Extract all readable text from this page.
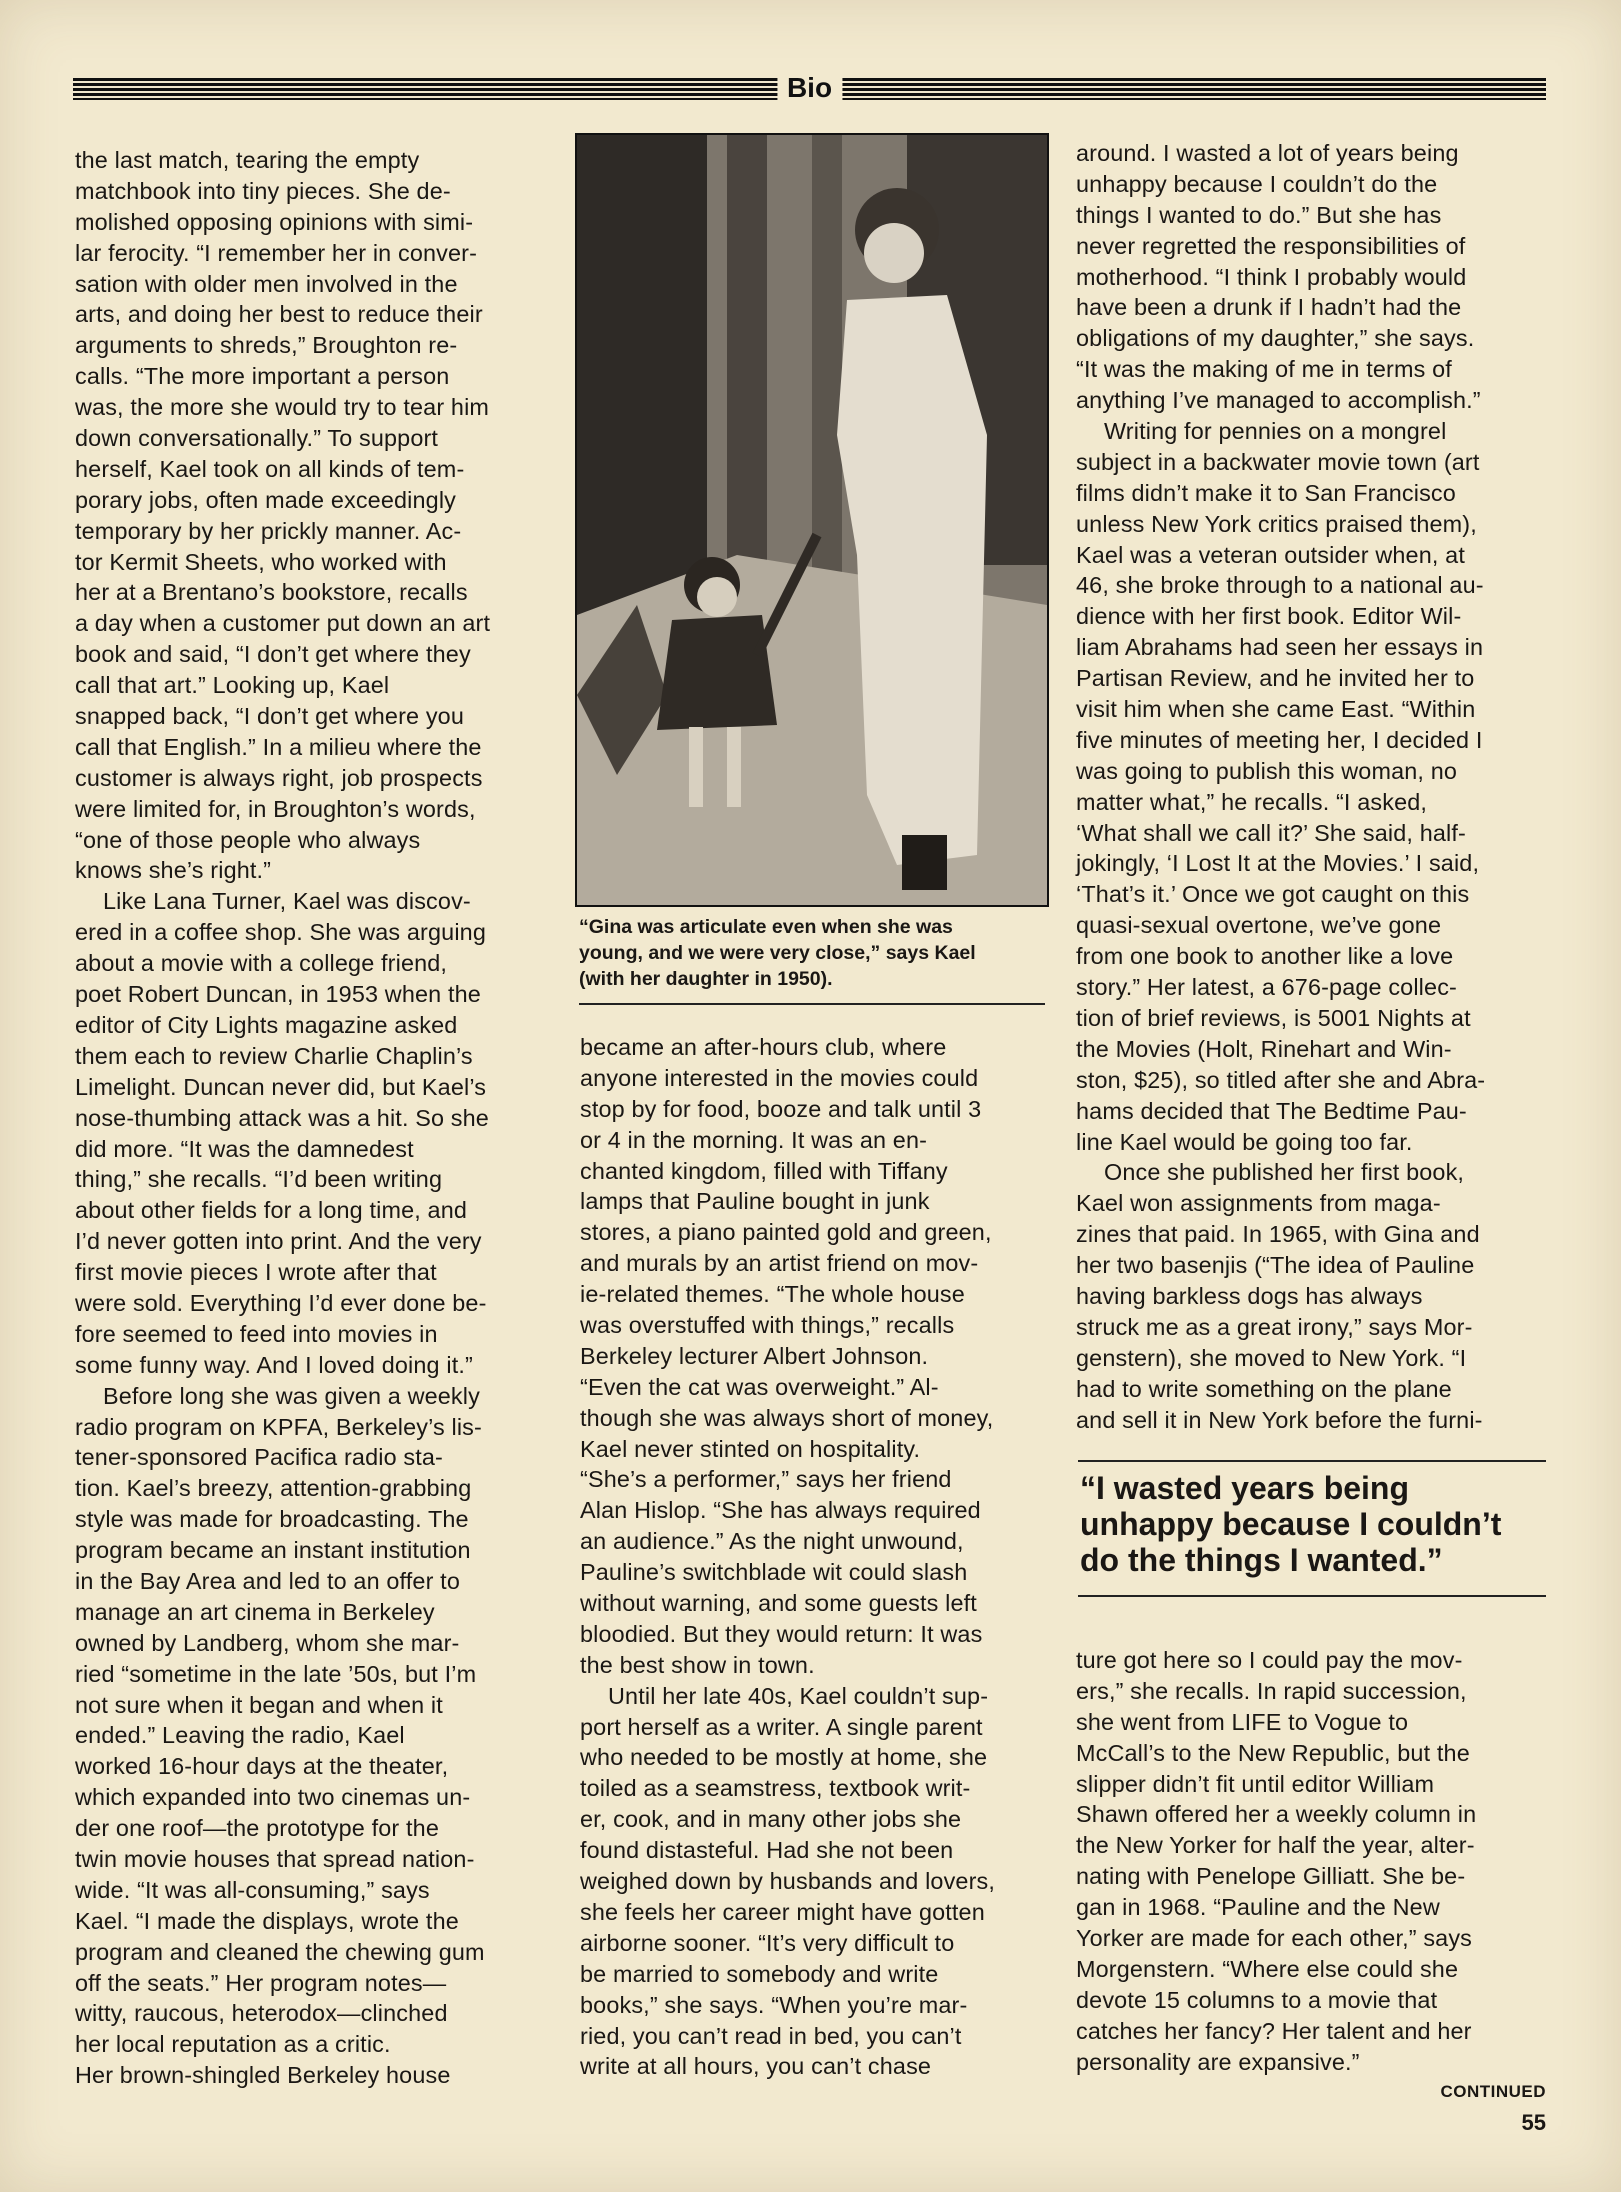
Bio
the last match, tearing the empty
matchbook into tiny pieces. She de-
molished opposing opinions with simi-
lar ferocity. “I remember her in conver-
sation with older men involved in the
arts, and doing her best to reduce their
arguments to shreds,” Broughton re-
calls. “The more important a person
was, the more she would try to tear him
down conversationally.” To support
herself, Kael took on all kinds of tem-
porary jobs, often made exceedingly
temporary by her prickly manner. Ac-
tor Kermit Sheets, who worked with
her at a Brentano’s bookstore, recalls
a day when a customer put down an art
book and said, “I don’t get where they
call that art.” Looking up, Kael
snapped back, “I don’t get where you
call that English.” In a milieu where the
customer is always right, job prospects
were limited for, in Broughton’s words,
“one of those people who always
knows she’s right.”
Like Lana Turner, Kael was discov-
ered in a coffee shop. She was arguing
about a movie with a college friend,
poet Robert Duncan, in 1953 when the
editor of City Lights magazine asked
them each to review Charlie Chaplin’s
Limelight. Duncan never did, but Kael’s
nose-thumbing attack was a hit. So she
did more. “It was the damnedest
thing,” she recalls. “I’d been writing
about other fields for a long time, and
I’d never gotten into print. And the very
first movie pieces I wrote after that
were sold. Everything I’d ever done be-
fore seemed to feed into movies in
some funny way. And I loved doing it.”
Before long she was given a weekly
radio program on KPFA, Berkeley’s lis-
tener-sponsored Pacifica radio sta-
tion. Kael’s breezy, attention-grabbing
style was made for broadcasting. The
program became an instant institution
in the Bay Area and led to an offer to
manage an art cinema in Berkeley
owned by Landberg, whom she mar-
ried “sometime in the late ’50s, but I’m
not sure when it began and when it
ended.” Leaving the radio, Kael
worked 16-hour days at the theater,
which expanded into two cinemas un-
der one roof—the prototype for the
twin movie houses that spread nation-
wide. “It was all-consuming,” says
Kael. “I made the displays, wrote the
program and cleaned the chewing gum
off the seats.” Her program notes—
witty, raucous, heterodox—clinched
her local reputation as a critic.
Her brown-shingled Berkeley house
“Gina was articulate even when she was
young, and we were very close,” says Kael
(with her daughter in 1950).
became an after-hours club, where
anyone interested in the movies could
stop by for food, booze and talk until 3
or 4 in the morning. It was an en-
chanted kingdom, filled with Tiffany
lamps that Pauline bought in junk
stores, a piano painted gold and green,
and murals by an artist friend on mov-
ie-related themes. “The whole house
was overstuffed with things,” recalls
Berkeley lecturer Albert Johnson.
“Even the cat was overweight.” Al-
though she was always short of money,
Kael never stinted on hospitality.
“She’s a performer,” says her friend
Alan Hislop. “She has always required
an audience.” As the night unwound,
Pauline’s switchblade wit could slash
without warning, and some guests left
bloodied. But they would return: It was
the best show in town.
Until her late 40s, Kael couldn’t sup-
port herself as a writer. A single parent
who needed to be mostly at home, she
toiled as a seamstress, textbook writ-
er, cook, and in many other jobs she
found distasteful. Had she not been
weighed down by husbands and lovers,
she feels her career might have gotten
airborne sooner. “It’s very difficult to
be married to somebody and write
books,” she says. “When you’re mar-
ried, you can’t read in bed, you can’t
write at all hours, you can’t chase
around. I wasted a lot of years being
unhappy because I couldn’t do the
things I wanted to do.” But she has
never regretted the responsibilities of
motherhood. “I think I probably would
have been a drunk if I hadn’t had the
obligations of my daughter,” she says.
“It was the making of me in terms of
anything I’ve managed to accomplish.”
Writing for pennies on a mongrel
subject in a backwater movie town (art
films didn’t make it to San Francisco
unless New York critics praised them),
Kael was a veteran outsider when, at
46, she broke through to a national au-
dience with her first book. Editor Wil-
liam Abrahams had seen her essays in
Partisan Review, and he invited her to
visit him when she came East. “Within
five minutes of meeting her, I decided I
was going to publish this woman, no
matter what,” he recalls. “I asked,
‘What shall we call it?’ She said, half-
jokingly, ‘I Lost It at the Movies.’ I said,
‘That’s it.’ Once we got caught on this
quasi-sexual overtone, we’ve gone
from one book to another like a love
story.” Her latest, a 676-page collec-
tion of brief reviews, is 5001 Nights at
the Movies (Holt, Rinehart and Win-
ston, $25), so titled after she and Abra-
hams decided that The Bedtime Pau-
line Kael would be going too far.
Once she published her first book,
Kael won assignments from maga-
zines that paid. In 1965, with Gina and
her two basenjis (“The idea of Pauline
having barkless dogs has always
struck me as a great irony,” says Mor-
genstern), she moved to New York. “I
had to write something on the plane
and sell it in New York before the furni-
“I wasted years being
unhappy because I couldn’t
do the things I wanted.”
ture got here so I could pay the mov-
ers,” she recalls. In rapid succession,
she went from LIFE to Vogue to
McCall’s to the New Republic, but the
slipper didn’t fit until editor William
Shawn offered her a weekly column in
the New Yorker for half the year, alter-
nating with Penelope Gilliatt. She be-
gan in 1968. “Pauline and the New
Yorker are made for each other,” says
Morgenstern. “Where else could she
devote 15 columns to a movie that
catches her fancy? Her talent and her
personality are expansive.”
CONTINUED
55
